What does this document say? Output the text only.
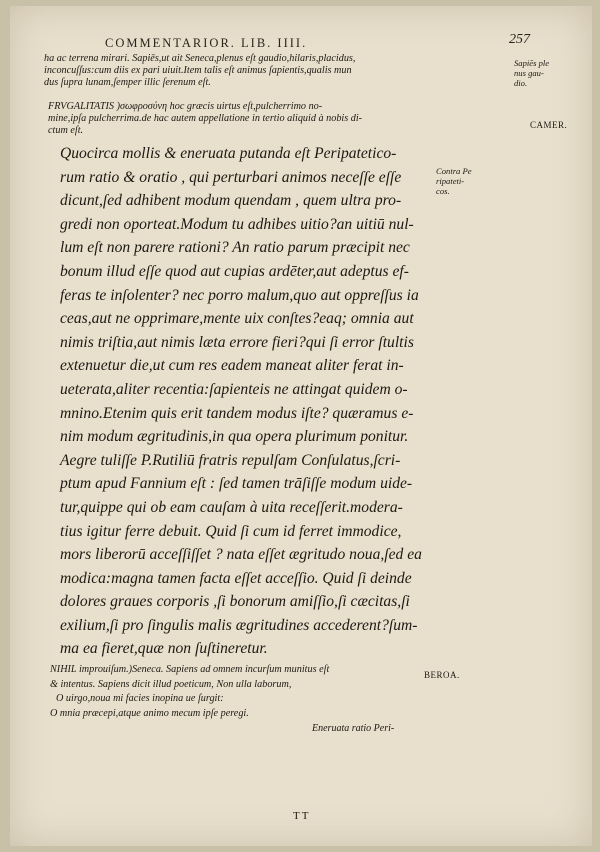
COMMENTARIOR. LIB. IIII.	257
ha ac terrena mirari. Sapiēs,ut ait Seneca,plenus eſt gaudio,hilaris,placidus,
inconcuſſus:cum diis ex pari uiuit.Item talis eſt animus ſapientis,qualis mun
dus ſupra lunam,ſemper illic ſerenum eſt.
FRVGALITATIS )σωφροσύνη hoc græcis uirtus eſt,pulcherrimo no-
mine,ipſa pulcherrima.de hac autem appellatione in tertio aliquid à nobis di-
ctum eſt.
Quocirca mollis & eneruata putanda eſt Peripatetico-
rum ratio & oratio , qui perturbari animos neceſſe eſſe
dicunt,ſed adhibent modum quendam , quem ultra pro-
gredi non oporteat.Modum tu adhibes uitio?an uitiū nul-
lum eſt non parere rationi? An ratio parum præcipit nec
bonum illud eſſe quod aut cupias ardēter,aut adeptus ef-
feras te inſolenter? nec porro malum,quo aut oppreſſus ia
ceas,aut ne opprimare,mente uix conſtes?eaq; omnia aut
nimis triſtia,aut nimis læta errore fieri?qui ſi error ſtultis
extenuetur die,ut cum res eadem maneat aliter ferat in-
ueterata,aliter recentia:ſapienteis ne attingat quidem o-
mnino.Etenim quis erit tandem modus iſte? quæramus e-
nim modum ægritudinis,in qua opera plurimum ponitur.
Aegre tuliſſe P.Rutiliū fratris repulſam Conſulatus,ſcri-
ptum apud Fannium eſt : ſed tamen trāſiſſe modum uide-
tur,quippe qui ob eam cauſam à uita receſſerit.modera-
tius igitur ferre debuit. Quid ſi cum id ferret immodice,
mors liberorū acceſſiſſet ? nata eſſet ægritudo noua,ſed ea
modica:magna tamen facta eſſet acceſſio. Quid ſi deinde
dolores graues corporis ,ſi bonorum amiſſio,ſi cæcitas,ſi
exilium,ſi pro ſingulis malis ægritudines accederent?ſum-
ma ea fieret,quæ non ſuſtineretur.
NIHIL improuiſum.)Seneca. Sapiens ad omnem incurſum munitus eſt
& intentus. Sapiens dicit illud poeticum, Non ulla laborum,
O uirgo,noua mi facies inopina ue ſurgit:
O mnia præcepi,atque animo mecum ipſe peregi.
Sapiēs ple
nus gau-
dio.
CAMER.
Contra Pe
ripateti-
cos.
BEROA.
Eneruata ratio Peri-
TT
